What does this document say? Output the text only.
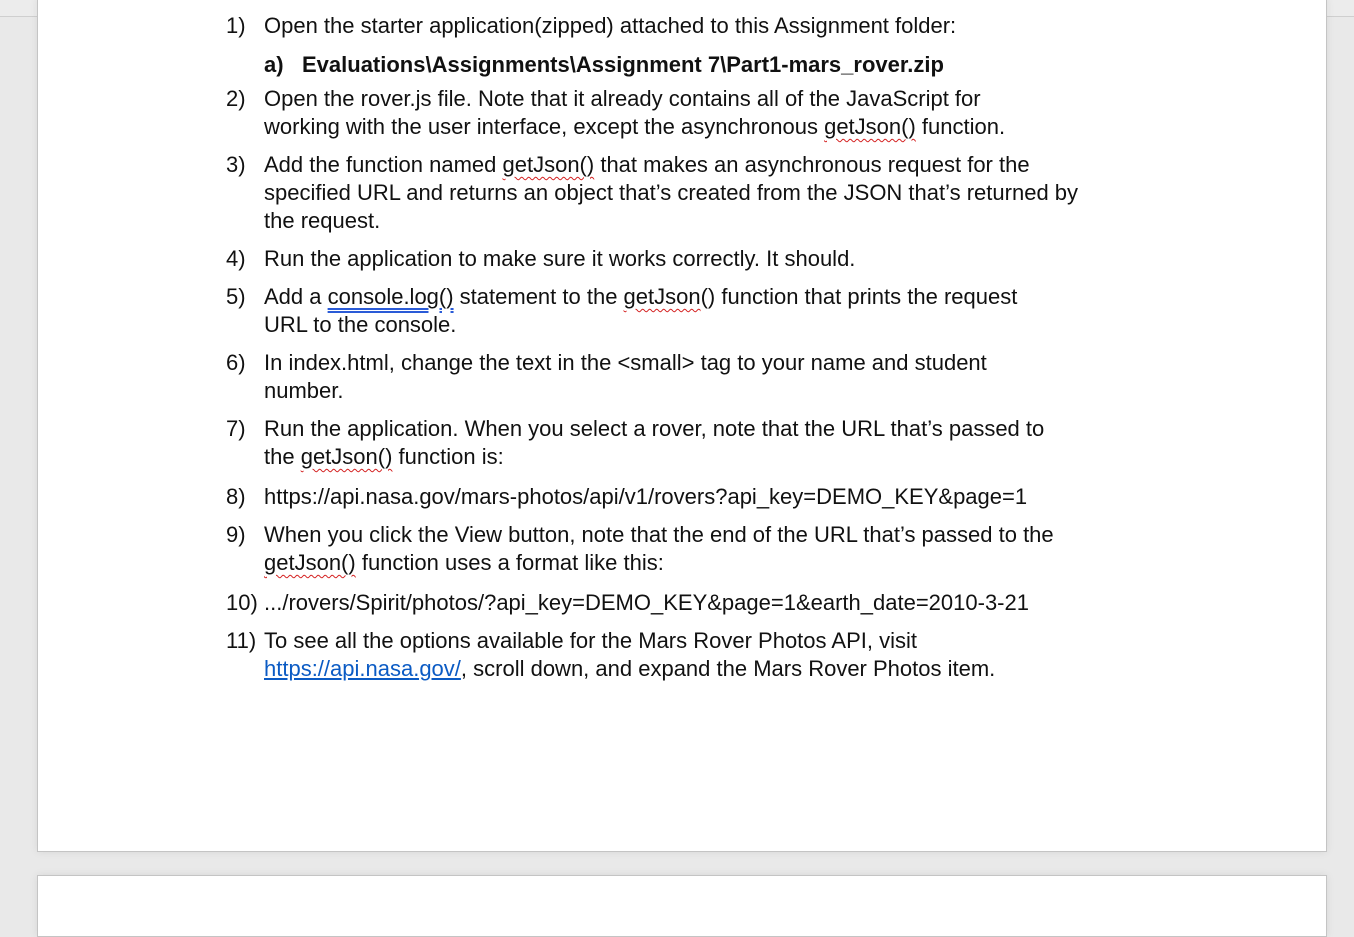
1) Open the starter application(zipped) attached to this Assignment folder:
a) Evaluations\Assignments\Assignment 7\Part1-mars_rover.zip
2) Open the rover.js file. Note that it already contains all of the JavaScript for working with the user interface, except the asynchronous getJson() function.
3) Add the function named getJson() that makes an asynchronous request for the specified URL and returns an object that’s created from the JSON that’s returned by the request.
4) Run the application to make sure it works correctly. It should.
5) Add a console.log() statement to the getJson() function that prints the request URL to the console.
6) In index.html, change the text in the <small> tag to your name and student number.
7) Run the application. When you select a rover, note that the URL that’s passed to the getJson() function is:
8) https://api.nasa.gov/mars-photos/api/v1/rovers?api_key=DEMO_KEY&page=1
9) When you click the View button, note that the end of the URL that’s passed to the getJson() function uses a format like this:
10) .../rovers/Spirit/photos/?api_key=DEMO_KEY&page=1&earth_date=2010-3-21
11) To see all the options available for the Mars Rover Photos API, visit https://api.nasa.gov/, scroll down, and expand the Mars Rover Photos item.
